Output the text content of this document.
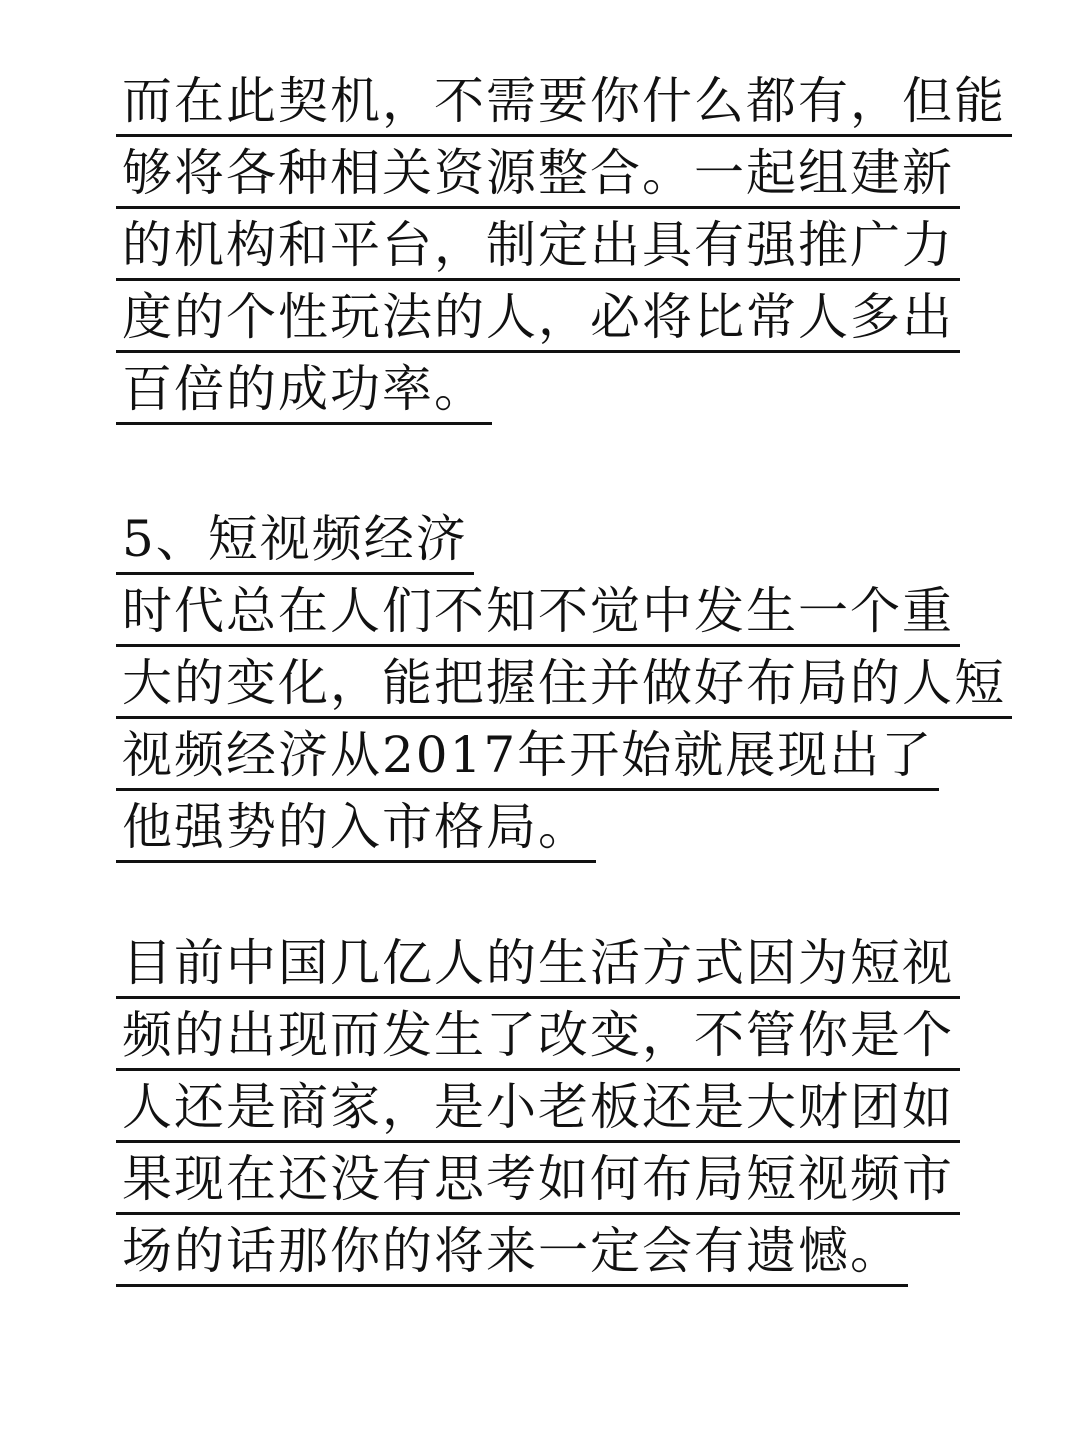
而在此契机，不需要你什么都有，但能
够将各种相关资源整合。一起组建新
的机构和平台，制定出具有强推广力
度的个性玩法的人，必将比常人多出
百倍的成功率。
5、短视频经济
时代总在人们不知不觉中发生一个重
大的变化，能把握住并做好布局的人短
视频经济从2017年开始就展现出了
他强势的入市格局。
目前中国几亿人的生活方式因为短视
频的出现而发生了改变，不管你是个
人还是商家，是小老板还是大财团如
果现在还没有思考如何布局短视频市
场的话那你的将来一定会有遗憾。
